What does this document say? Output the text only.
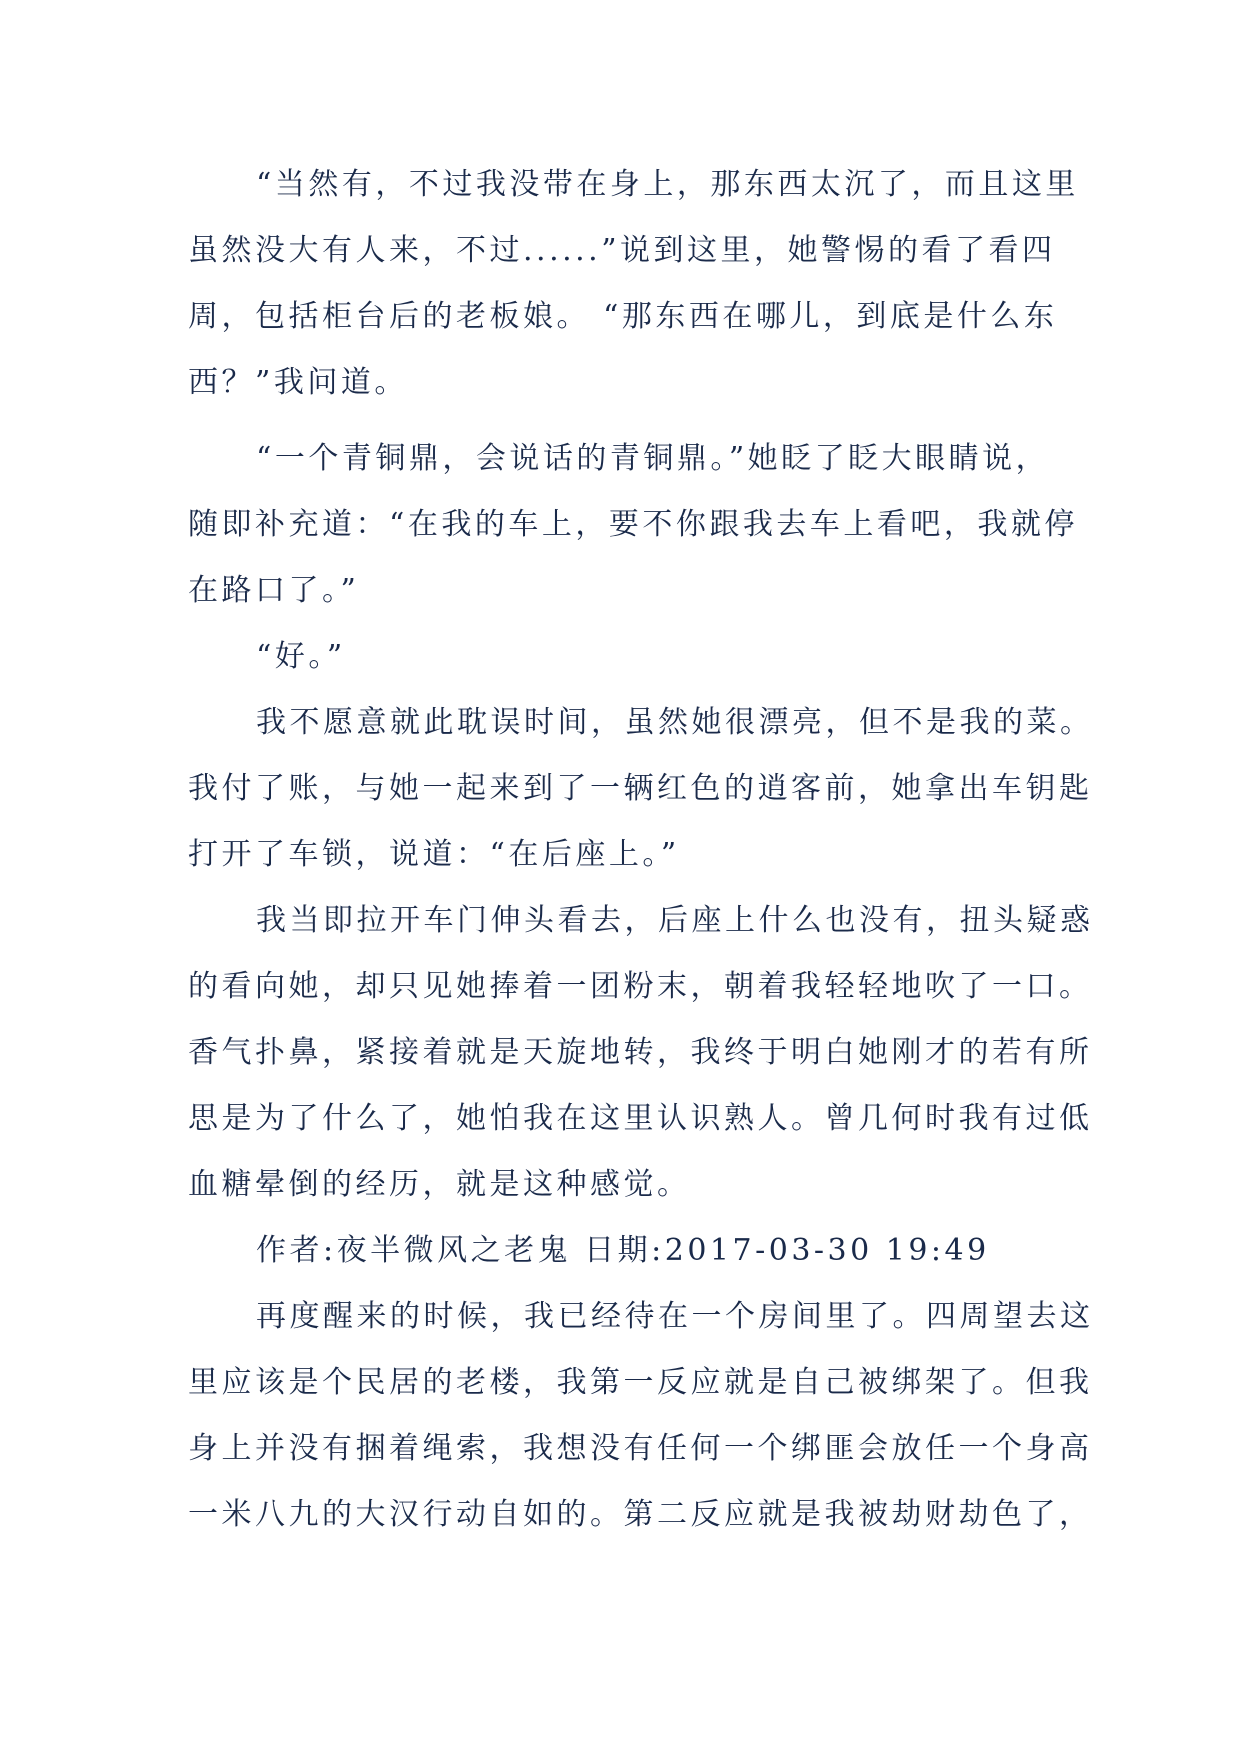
“当然有，不过我没带在身上，那东西太沉了，而且这里
虽然没大有人来，不过......”说到这里，她警惕的看了看四
周，包括柜台后的老板娘。 “那东西在哪儿，到底是什么东
西？”我问道。
“一个青铜鼎，会说话的青铜鼎。”她眨了眨大眼睛说，
随即补充道：“在我的车上，要不你跟我去车上看吧，我就停
在路口了。”
“好。”
我不愿意就此耽误时间，虽然她很漂亮，但不是我的菜。
我付了账，与她一起来到了一辆红色的逍客前，她拿出车钥匙
打开了车锁，说道：“在后座上。”
我当即拉开车门伸头看去，后座上什么也没有，扭头疑惑
的看向她，却只见她捧着一团粉末，朝着我轻轻地吹了一口。
香气扑鼻，紧接着就是天旋地转，我终于明白她刚才的若有所
思是为了什么了，她怕我在这里认识熟人。曾几何时我有过低
血糖晕倒的经历，就是这种感觉。
作者:夜半微风之老鬼 日期:2017-03-30 19:49
再度醒来的时候，我已经待在一个房间里了。四周望去这
里应该是个民居的老楼，我第一反应就是自己被绑架了。但我
身上并没有捆着绳索，我想没有任何一个绑匪会放任一个身高
一米八九的大汉行动自如的。第二反应就是我被劫财劫色了，
